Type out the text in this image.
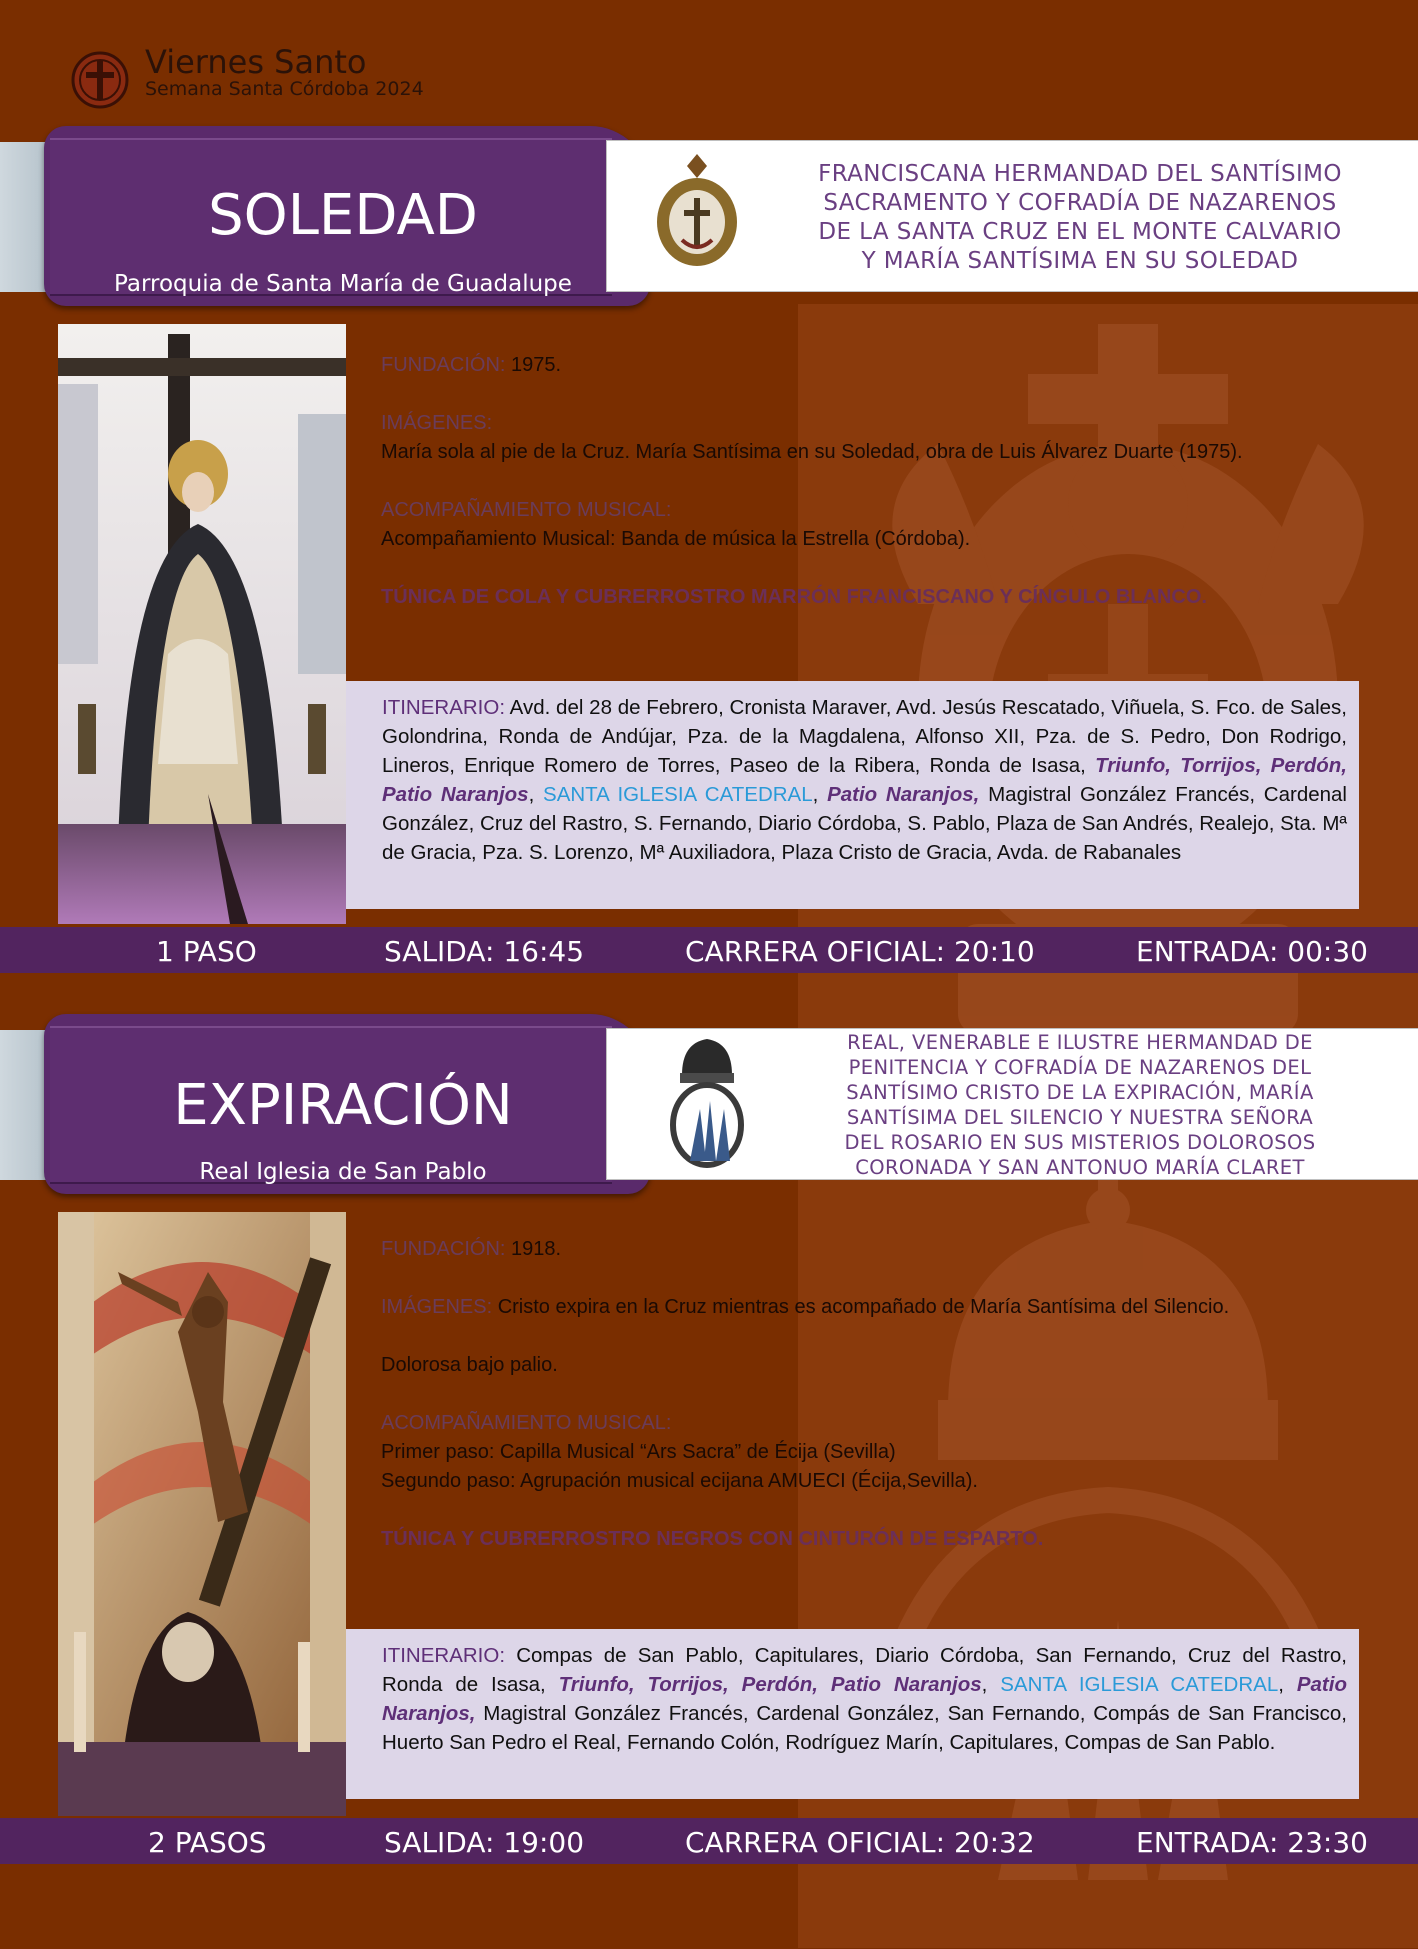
Viernes Santo
Semana Santa Córdoba 2024
SOLEDAD
Parroquia de Santa María de Guadalupe
FRANCISCANA HERMANDAD DEL SANTÍSIMO
SACRAMENTO Y COFRADÍA DE NAZARENOS
DE LA SANTA CRUZ EN EL MONTE CALVARIO
Y MARÍA SANTÍSIMA EN SU SOLEDAD
FUNDACIÓN: 1975.
IMÁGENES:
María sola al pie de la Cruz. María Santísima en su Soledad, obra de Luis Álvarez Duarte (1975).
ACOMPAÑAMIENTO MUSICAL:
Acompañamiento Musical: Banda de música la Estrella (Córdoba).
TÚNICA DE COLA Y CUBRERROSTRO MARRÓN FRANCISCANO Y CÍNGULO BLANCO.
ITINERARIO: Avd. del 28 de Febrero, Cronista Maraver, Avd. Jesús Rescatado, Viñuela, S. Fco. de Sales, Golondrina, Ronda de Andújar, Pza. de la Magdalena, Alfonso XII, Pza. de S. Pedro, Don Rodrigo, Lineros, Enrique Romero de Torres, Paseo de la Ribera, Ronda de Isasa, Triunfo, Torrijos, Perdón, Patio Naranjos, SANTA IGLESIA CATEDRAL, Patio Naranjos, Magistral González Francés, Cardenal González, Cruz del Rastro, S. Fernando, Diario Córdoba, S. Pablo, Plaza de San Andrés, Realejo, Sta. Mª de Gracia, Pza. S. Lorenzo, Mª Auxiliadora, Plaza Cristo de Gracia, Avda. de Rabanales
1 PASO	SALIDA: 16:45	CARRERA OFICIAL: 20:10	ENTRADA: 00:30
EXPIRACIÓN
Real Iglesia de San Pablo
REAL, VENERABLE E ILUSTRE HERMANDAD DE
PENITENCIA Y COFRADÍA DE NAZARENOS DEL
SANTÍSIMO CRISTO DE LA EXPIRACIÓN, MARÍA
SANTÍSIMA DEL SILENCIO Y NUESTRA SEÑORA
DEL ROSARIO EN SUS MISTERIOS DOLOROSOS
CORONADA Y SAN ANTONUO MARÍA CLARET
FUNDACIÓN: 1918.
IMÁGENES: Cristo expira en la Cruz mientras es acompañado de María Santísima del Silencio.
Dolorosa bajo palio.
ACOMPAÑAMIENTO MUSICAL:
Primer paso: Capilla Musical “Ars Sacra” de Écija (Sevilla)
Segundo paso: Agrupación musical ecijana AMUECI (Écija,Sevilla).
TÚNICA Y CUBRERROSTRO NEGROS CON CINTURÓN DE ESPARTO.
ITINERARIO: Compas de San Pablo, Capitulares, Diario Córdoba, San Fernando, Cruz del Rastro, Ronda de Isasa, Triunfo, Torrijos, Perdón, Patio Naranjos, SANTA IGLESIA CATEDRAL, Patio Naranjos, Magistral González Francés, Cardenal González, San Fernando, Compás de San Francisco, Huerto San Pedro el Real, Fernando Colón, Rodríguez Marín, Capitulares, Compas de San Pablo.
2 PASOS	SALIDA: 19:00	CARRERA OFICIAL: 20:32	ENTRADA: 23:30
